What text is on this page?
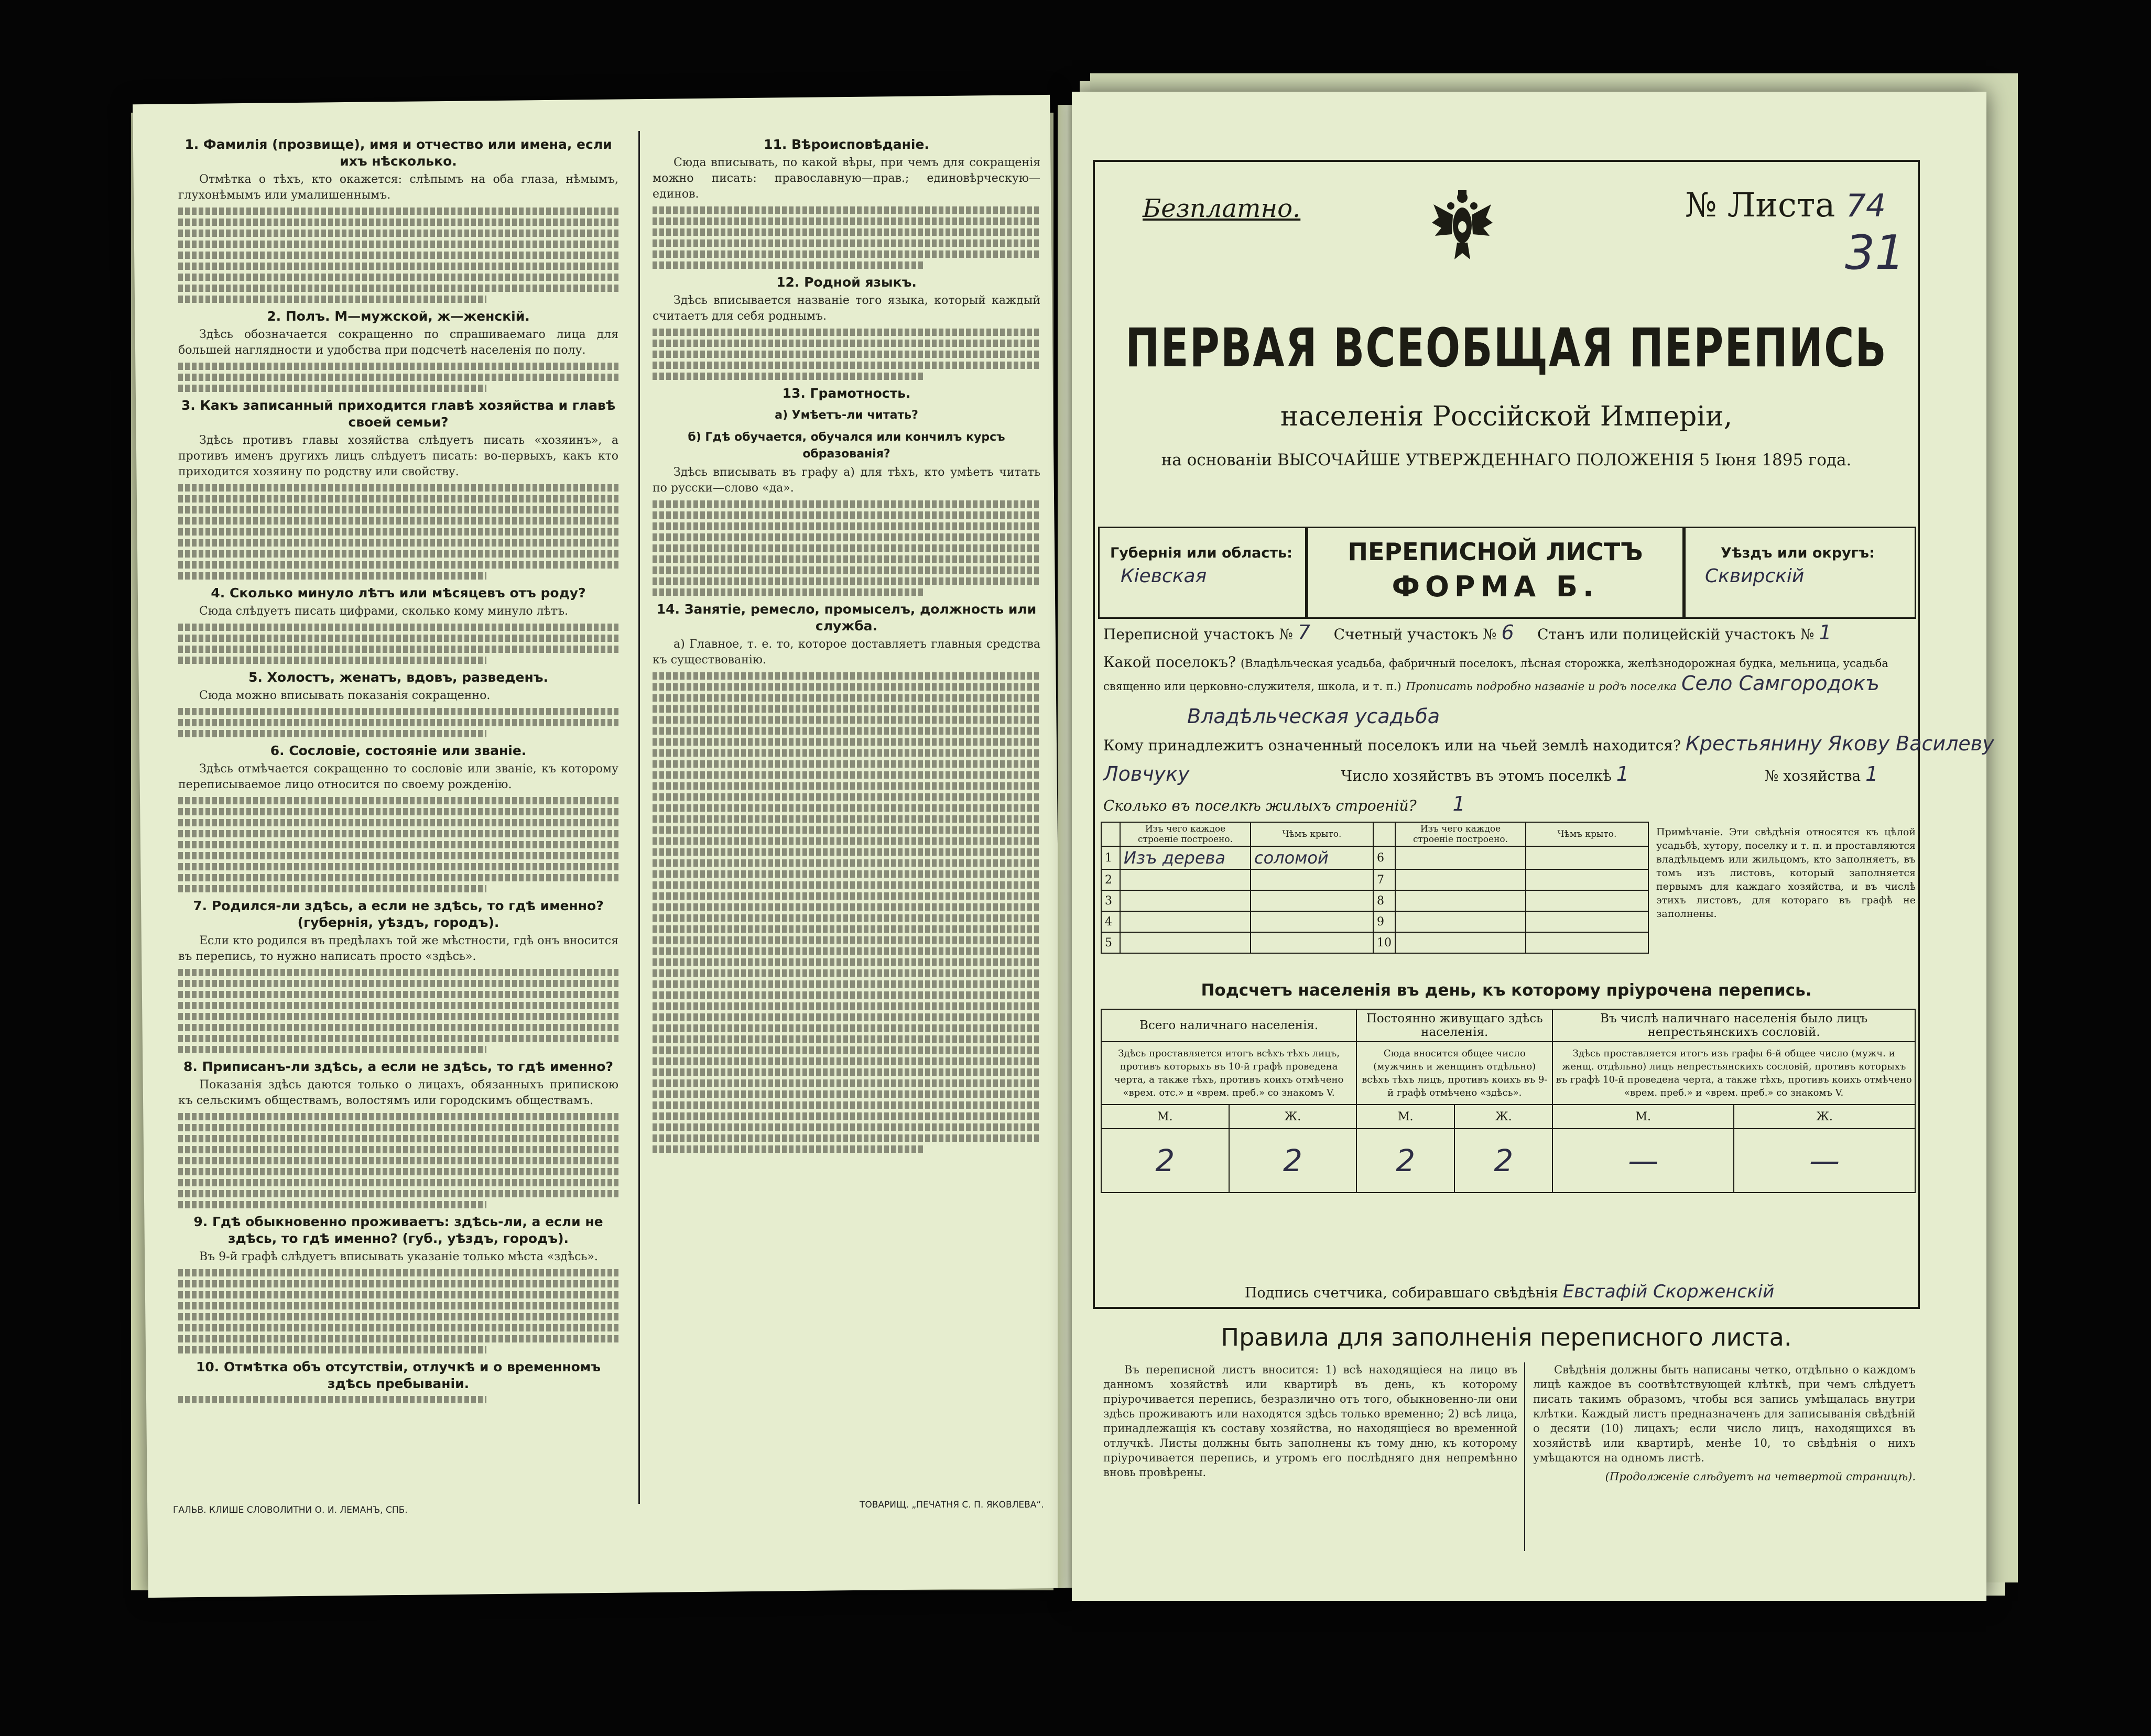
1. Фамилія (прозвище), имя и отчество или имена, если ихъ нѣсколько.
Отмѣтка о тѣхъ, кто окажется: слѣпымъ на оба глаза, нѣмымъ, глухонѣмымъ или умалишеннымъ.
2. Полъ. М—мужской, ж—женскій.
Здѣсь обозначается сокращенно по спрашиваемаго лица для большей наглядности и удобства при подсчетѣ населенія по полу.
3. Какъ записанный приходится главѣ хозяйства и главѣ своей семьи?
Здѣсь противъ главы хозяйства слѣдуетъ писать «хозяинъ», а противъ именъ другихъ лицъ слѣдуетъ писать: во-первыхъ, какъ кто приходится хозяину по родству или свойству.
4. Сколько минуло лѣтъ или мѣсяцевъ отъ роду?
Сюда слѣдуетъ писать цифрами, сколько кому минуло лѣтъ.
5. Холостъ, женатъ, вдовъ, разведенъ.
Сюда можно вписывать показанія сокращенно.
6. Сословіе, состояніе или званіе.
Здѣсь отмѣчается сокращенно то сословіе или званіе, къ которому переписываемое лицо относится по своему рожденію.
7. Родился-ли здѣсь, а если не здѣсь, то гдѣ именно? (губернія, уѣздъ, городъ).
Если кто родился въ предѣлахъ той же мѣстности, гдѣ онъ вносится въ перепись, то нужно написать просто «здѣсь».
8. Приписанъ-ли здѣсь, а если не здѣсь, то гдѣ именно?
Показанія здѣсь даются только о лицахъ, обязанныхъ припискою къ сельскимъ обществамъ, волостямъ или городскимъ обществамъ.
9. Гдѣ обыкновенно проживаетъ: здѣсь-ли, а если не здѣсь, то гдѣ именно? (губ., уѣздъ, городъ).
Въ 9-й графѣ слѣдуетъ вписывать указаніе только мѣста «здѣсь».
10. Отмѣтка объ отсутствіи, отлучкѣ и о временномъ здѣсь пребываніи.
11. Вѣроисповѣданіе.
Сюда вписывать, по какой вѣры, при чемъ для сокращенія можно писать: православную—прав.; единовѣрческую—единов.
12. Родной языкъ.
Здѣсь вписывается названіе того языка, который каждый считаетъ для себя роднымъ.
13. Грамотность.
а) Умѣетъ-ли читать?
б) Гдѣ обучается, обучался или кончилъ курсъ образованія?
Здѣсь вписывать въ графу а) для тѣхъ, кто умѣетъ читать по русски—слово «да».
14. Занятіе, ремесло, промыселъ, должность или служба.
а) Главное, т. е. то, которое доставляетъ главныя средства къ существованію.
ГАЛЬВ. КЛИШЕ СЛОВОЛИТНИ О. И. ЛЕМАНЪ, СПБ.	ТОВАРИЩ. „ПЕЧАТНЯ С. П. ЯКОВЛЕВА“.
Безплатно.	№ Листа 74
31
ПЕРВАЯ ВСЕОБЩАЯ ПЕРЕПИСЬ
населенія Россійской Имперіи,
на основаніи ВЫСОЧАЙШЕ УТВЕРЖДЕННАГО ПОЛОЖЕНІЯ 5 Іюня 1895 года.
Губернія или область:
Кіевская
ПЕРЕПИСНОЙ ЛИСТЪ
ФОРМА Б.
Уѣздъ или округъ:
Сквирскій
Переписной участокъ № 7 Счетный участокъ № 6 Станъ или полицейскій участокъ № 1
Какой поселокъ? (Владѣльческая усадьба, фабричный поселокъ, лѣсная сторожка, желѣзнодорожная будка, мельница, усадьба священно или церковно-служителя, школа, и т. п.) Прописать подробно названіе и родъ поселка Село Самгородокъ
Владѣльческая усадьба
Кому принадлежитъ означенный поселокъ или на чьей землѣ находится? Крестьянину Якову Василеву
Ловчуку	Число хозяйствъ въ этомъ поселкѣ 1	№ хозяйства 1
Сколько въ поселкѣ жилыхъ строеній? 1
	Изъ чего каждое строеніе построено.	Чѣмъ крыто.		Изъ чего каждое строеніе построено.	Чѣмъ крыто.
1	Изъ дерева	соломой	6		
2			7		
3			8		
4			9		
5			10		
Примѣчаніе. Эти свѣдѣнія относятся къ цѣлой усадьбѣ, хутору, поселку и т. п. и проставляются владѣльцемъ или жильцомъ, кто заполняетъ, въ томъ изъ листовъ, который заполняется первымъ для каждаго хозяйства, и въ числѣ этихъ листовъ, для котораго въ графѣ не заполнены.
Подсчетъ населенія въ день, къ которому пріурочена перепись.
Всего наличнаго населенія.		Постоянно живущаго здѣсь населенія.		Въ числѣ наличнаго населенія было лицъ непрестьянскихъ сословій.	
Здѣсь проставляется итогъ всѣхъ тѣхъ лицъ, противъ которыхъ въ 10-й графѣ проведена черта, а также тѣхъ, противъ коихъ отмѣчено «врем. отс.» и «врем. преб.» со знакомъ V.		Сюда вносится общее число (мужчинъ и женщинъ отдѣльно) всѣхъ тѣхъ лицъ, противъ коихъ въ 9-й графѣ отмѣчено «здѣсь».		Здѣсь проставляется итогъ изъ графы 6-й общее число (мужч. и женщ. отдѣльно) лицъ непрестьянскихъ сословій, противъ которыхъ въ графѣ 10-й проведена черта, а также тѣхъ, противъ коихъ отмѣчено «врем. преб.» и «врем. преб.» со знакомъ V.	
М.	Ж.	М.	Ж.	М.	Ж.
2	2	2	2	—	—
Подпись счетчика, собиравшаго свѣдѣнія Евстафій Скорженскій
Правила для заполненія переписного листа.
Въ переписной листъ вносится: 1) всѣ находящіеся на лицо въ данномъ хозяйствѣ или квартирѣ въ день, къ которому пріурочивается перепись, безразлично отъ того, обыкновенно-ли они здѣсь проживаютъ или находятся здѣсь только временно; 2) всѣ лица, принадлежащія къ составу хозяйства, но находящіеся во временной отлучкѣ. Листы должны быть заполнены къ тому дню, къ которому пріурочивается перепись, и утромъ его послѣдняго дня непремѣнно вновь провѣрены.
Свѣдѣнія должны быть написаны четко, отдѣльно о каждомъ лицѣ каждое въ соотвѣтствующей клѣткѣ, при чемъ слѣдуетъ писать такимъ образомъ, чтобы вся запись умѣщалась внутри клѣтки. Каждый листъ предназначенъ для записыванія свѣдѣній о десяти (10) лицахъ; если число лицъ, находящихся въ хозяйствѣ или квартирѣ, менѣе 10, то свѣдѣнія о нихъ умѣщаются на одномъ листѣ.
(Продолженіе слѣдуетъ на четвертой страницѣ).
